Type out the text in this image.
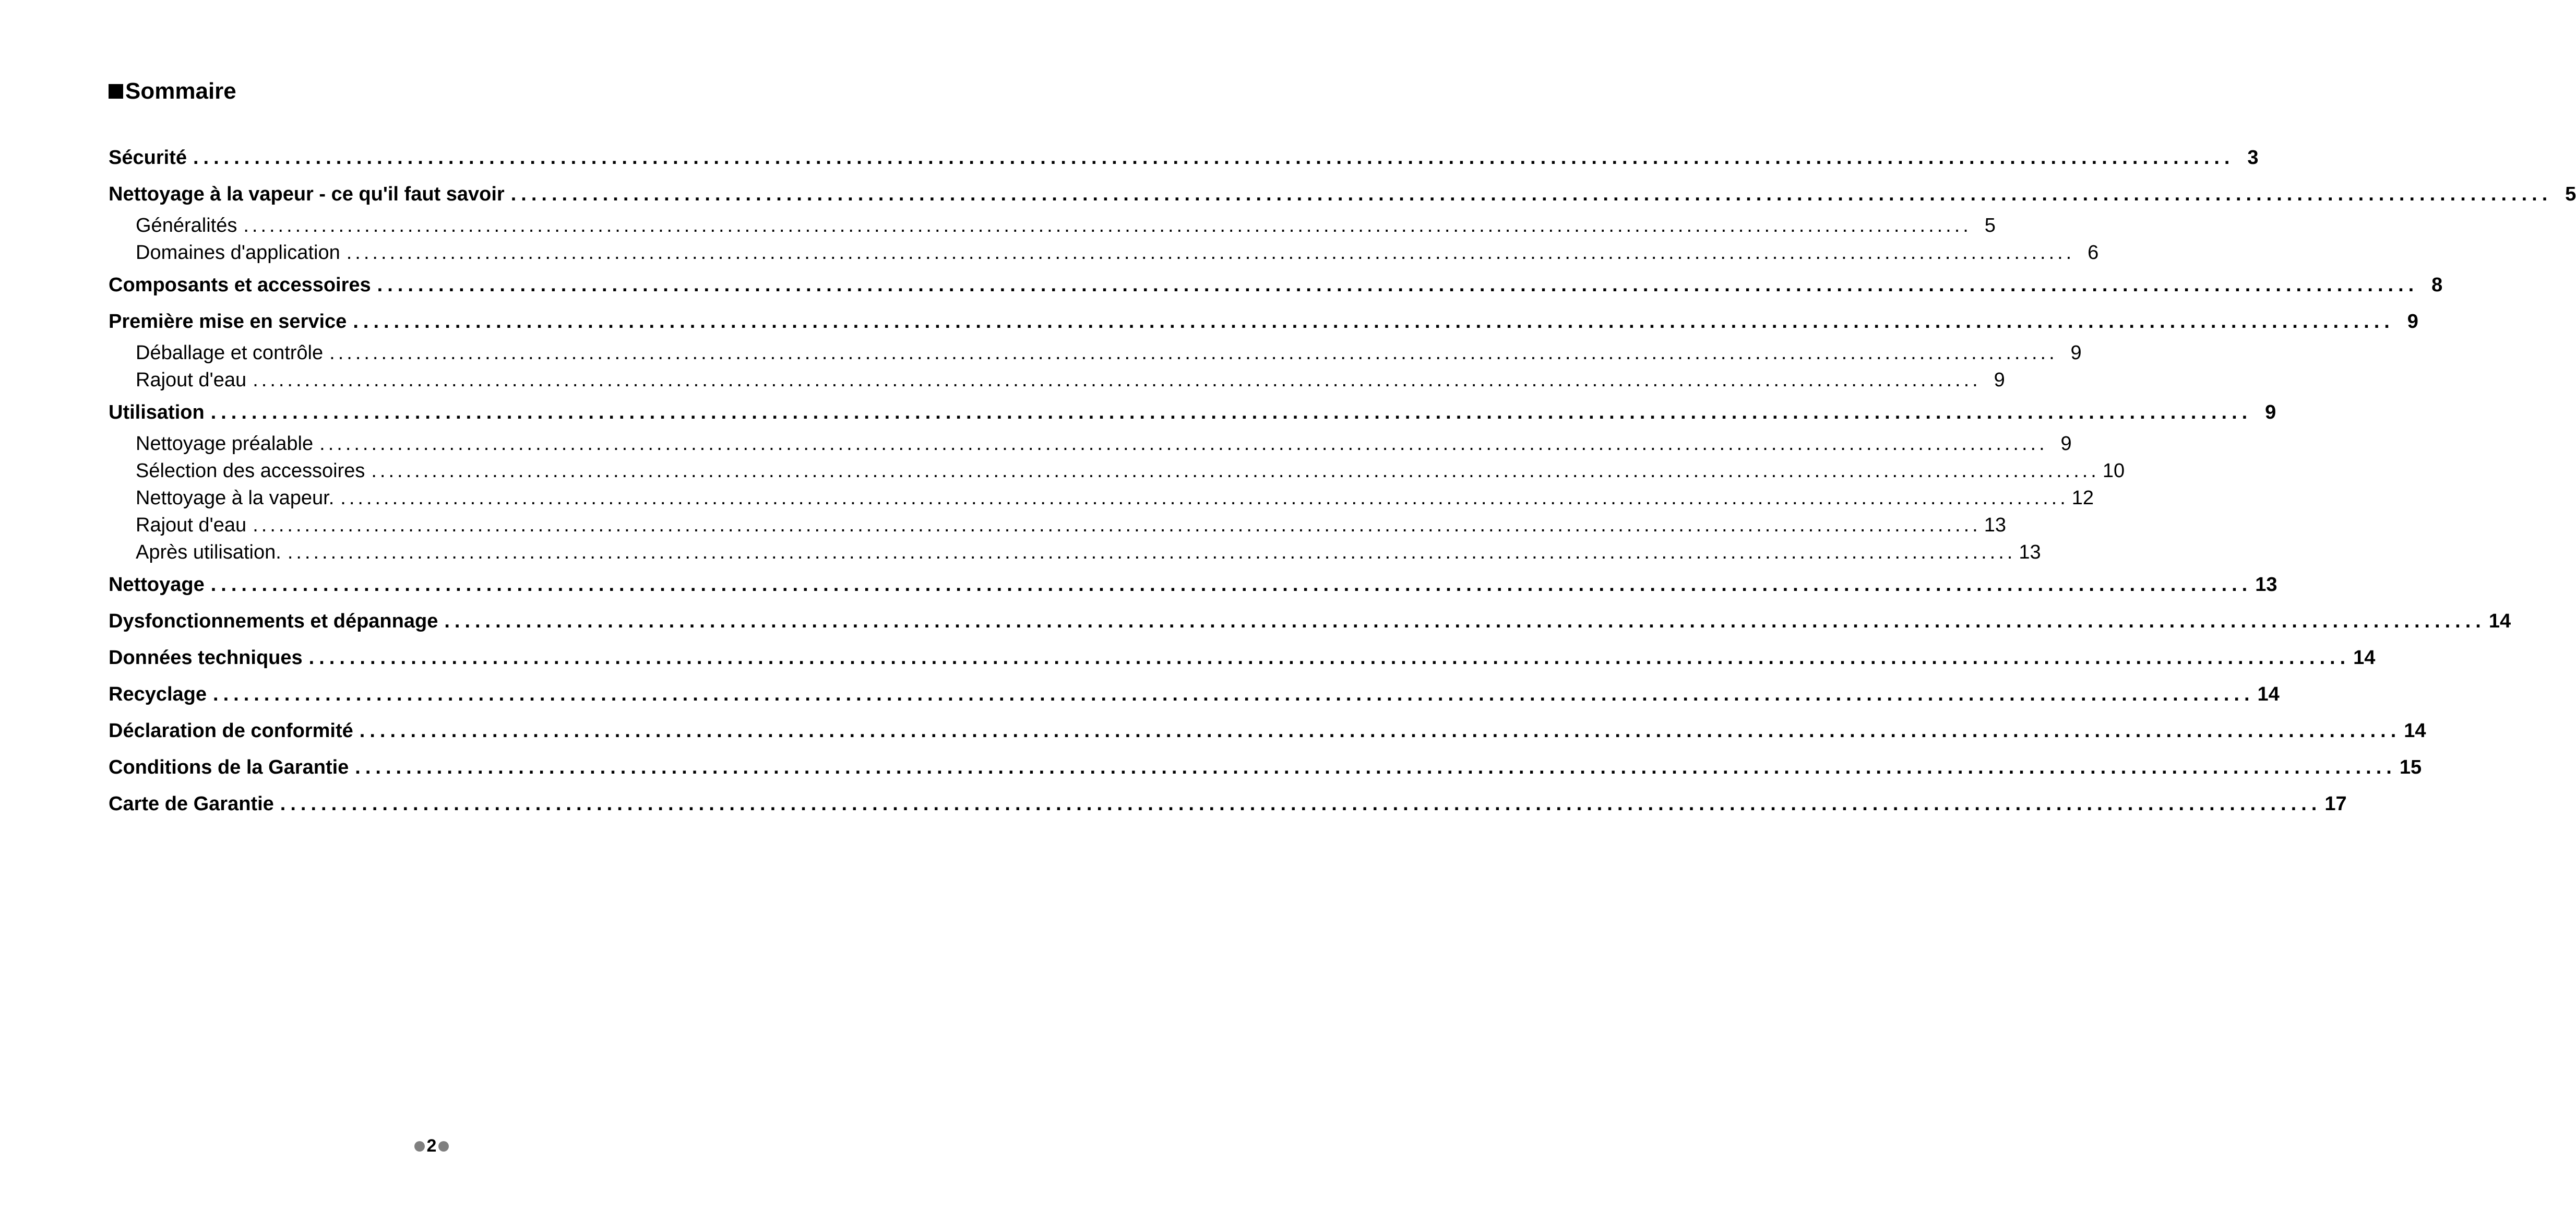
Sommaire
Sécurité ........................................................................................................................................................................................................ 3
Nettoyage à la vapeur - ce qu'il faut savoir ........................................................................................................................................................................................................ 5
Généralités ........................................................................................................................................................................................................ 5
Domaines d'application ........................................................................................................................................................................................................ 6
Composants et accessoires ........................................................................................................................................................................................................ 8
Première mise en service ........................................................................................................................................................................................................ 9
Déballage et contrôle ........................................................................................................................................................................................................ 9
Rajout d'eau ........................................................................................................................................................................................................ 9
Utilisation ........................................................................................................................................................................................................ 9
Nettoyage préalable ........................................................................................................................................................................................................ 9
Sélection des accessoires ........................................................................................................................................................................................................ 10
Nettoyage à la vapeur. ........................................................................................................................................................................................................ 12
Rajout d'eau ........................................................................................................................................................................................................ 13
Après utilisation. ........................................................................................................................................................................................................ 13
Nettoyage ........................................................................................................................................................................................................ 13
Dysfonctionnements et dépannage ........................................................................................................................................................................................................ 14
Données techniques ........................................................................................................................................................................................................ 14
Recyclage ........................................................................................................................................................................................................ 14
Déclaration de conformité ........................................................................................................................................................................................................ 14
Conditions de la Garantie ........................................................................................................................................................................................................ 15
Carte de Garantie ........................................................................................................................................................................................................ 17
2
